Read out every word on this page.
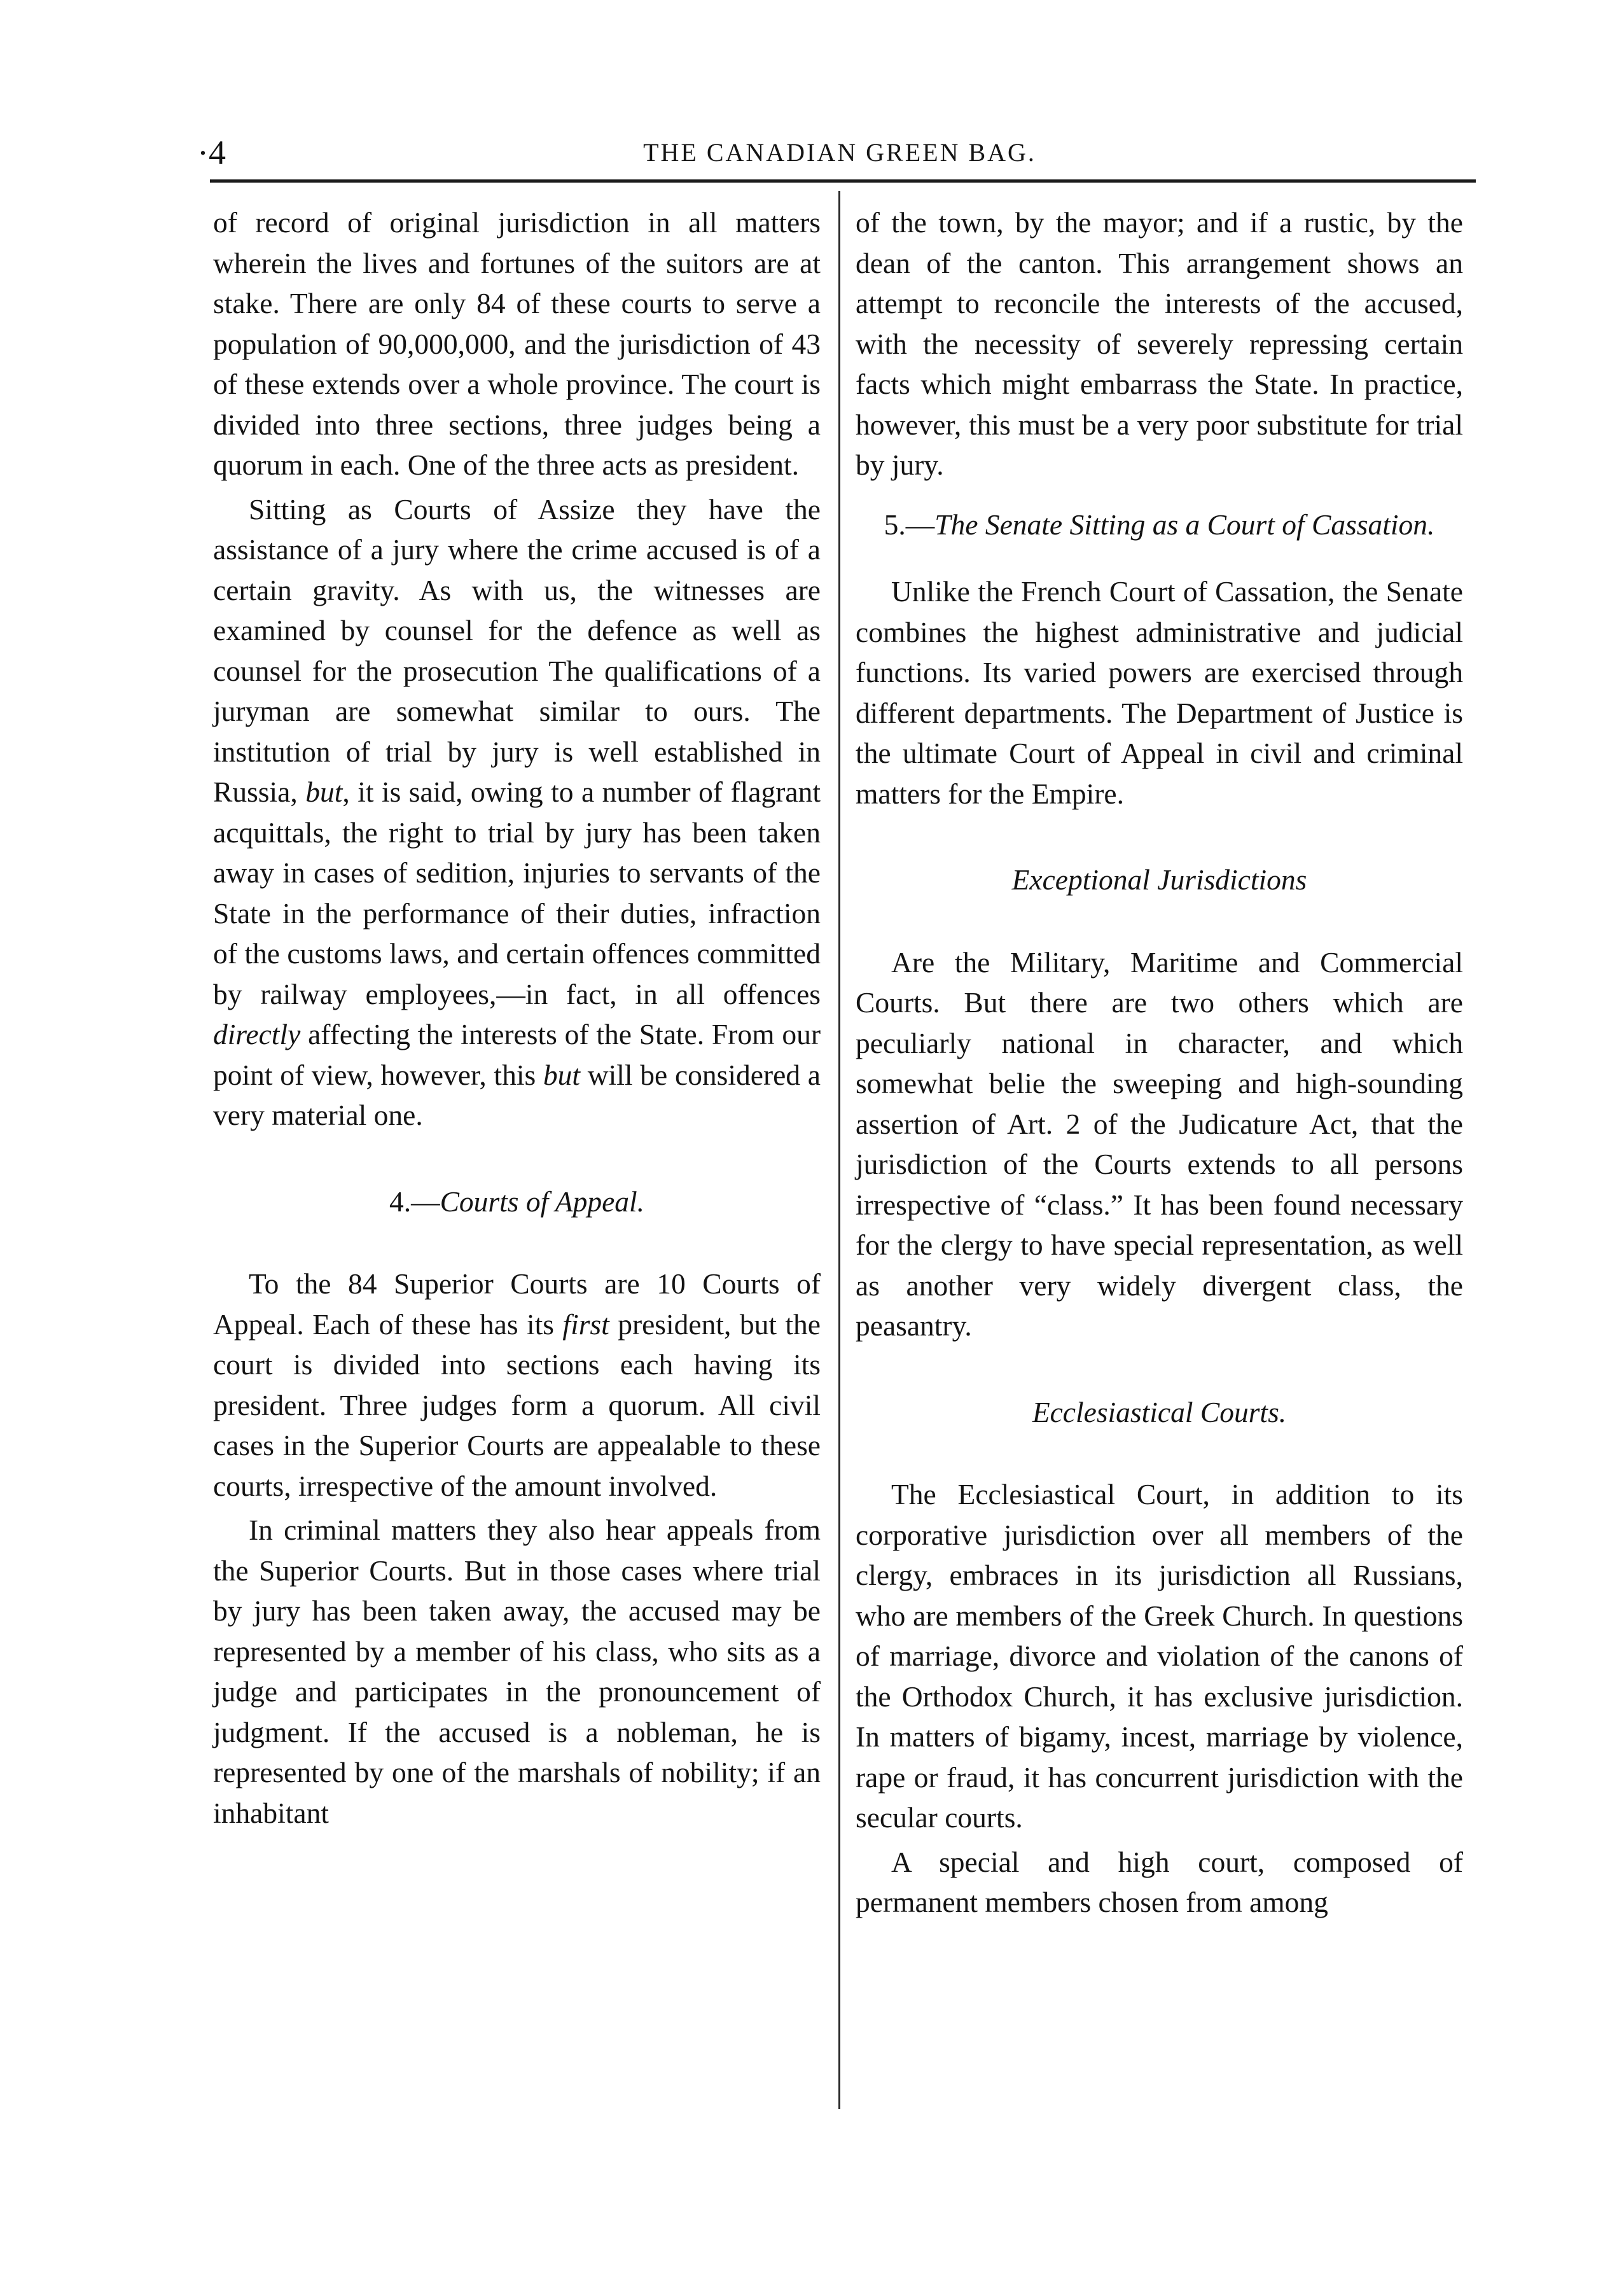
·4	THE CANADIAN GREEN BAG.

of record of original jurisdiction in all matters wherein the lives and fortunes of the suitors are at stake. There are only 84 of these courts to serve a population of 90,000,000, and the jurisdiction of 43 of these extends over a whole province. The court is divided into three sections, three judges being a quorum in each. One of the three acts as president.

Sitting as Courts of Assize they have the assistance of a jury where the crime accused is of a certain gravity. As with us, the witnesses are examined by counsel for the defence as well as counsel for the prosecution The qualifications of a juryman are somewhat similar to ours. The institution of trial by jury is well established in Russia, but, it is said, owing to a number of flagrant acquittals, the right to trial by jury has been taken away in cases of sedition, injuries to servants of the State in the performance of their duties, infraction of the customs laws, and certain offences committed by railway employees,—in fact, in all offences directly affecting the interests of the State. From our point of view, however, this but will be considered a very material one.

4.—Courts of Appeal.

To the 84 Superior Courts are 10 Courts of Appeal. Each of these has its first president, but the court is divided into sections each having its president. Three judges form a quorum. All civil cases in the Superior Courts are appealable to these courts, irrespective of the amount involved.

In criminal matters they also hear appeals from the Superior Courts. But in those cases where trial by jury has been taken away, the accused may be represented by a member of his class, who sits as a judge and participates in the pronouncement of judgment. If the accused is a nobleman, he is represented by one of the marshals of nobility; if an inhabitant

of the town, by the mayor; and if a rustic, by the dean of the canton. This arrangement shows an attempt to reconcile the interests of the accused, with the necessity of severely repressing certain facts which might embarrass the State. In practice, however, this must be a very poor substitute for trial by jury.

5.—The Senate Sitting as a Court of Cassation.

Unlike the French Court of Cassation, the Senate combines the highest administrative and judicial functions. Its varied powers are exercised through different departments. The Department of Justice is the ultimate Court of Appeal in civil and criminal matters for the Empire.

Exceptional Jurisdictions

Are the Military, Maritime and Commercial Courts. But there are two others which are peculiarly national in character, and which somewhat belie the sweeping and high-sounding assertion of Art. 2 of the Judicature Act, that the jurisdiction of the Courts extends to all persons irrespective of “class.” It has been found necessary for the clergy to have special representation, as well as another very widely divergent class, the peasantry.

Ecclesiastical Courts.

The Ecclesiastical Court, in addition to its corporative jurisdiction over all members of the clergy, embraces in its jurisdiction all Russians, who are members of the Greek Church. In questions of marriage, divorce and violation of the canons of the Orthodox Church, it has exclusive jurisdiction. In matters of bigamy, incest, marriage by violence, rape or fraud, it has concurrent jurisdiction with the secular courts.

A special and high court, composed of permanent members chosen from among
